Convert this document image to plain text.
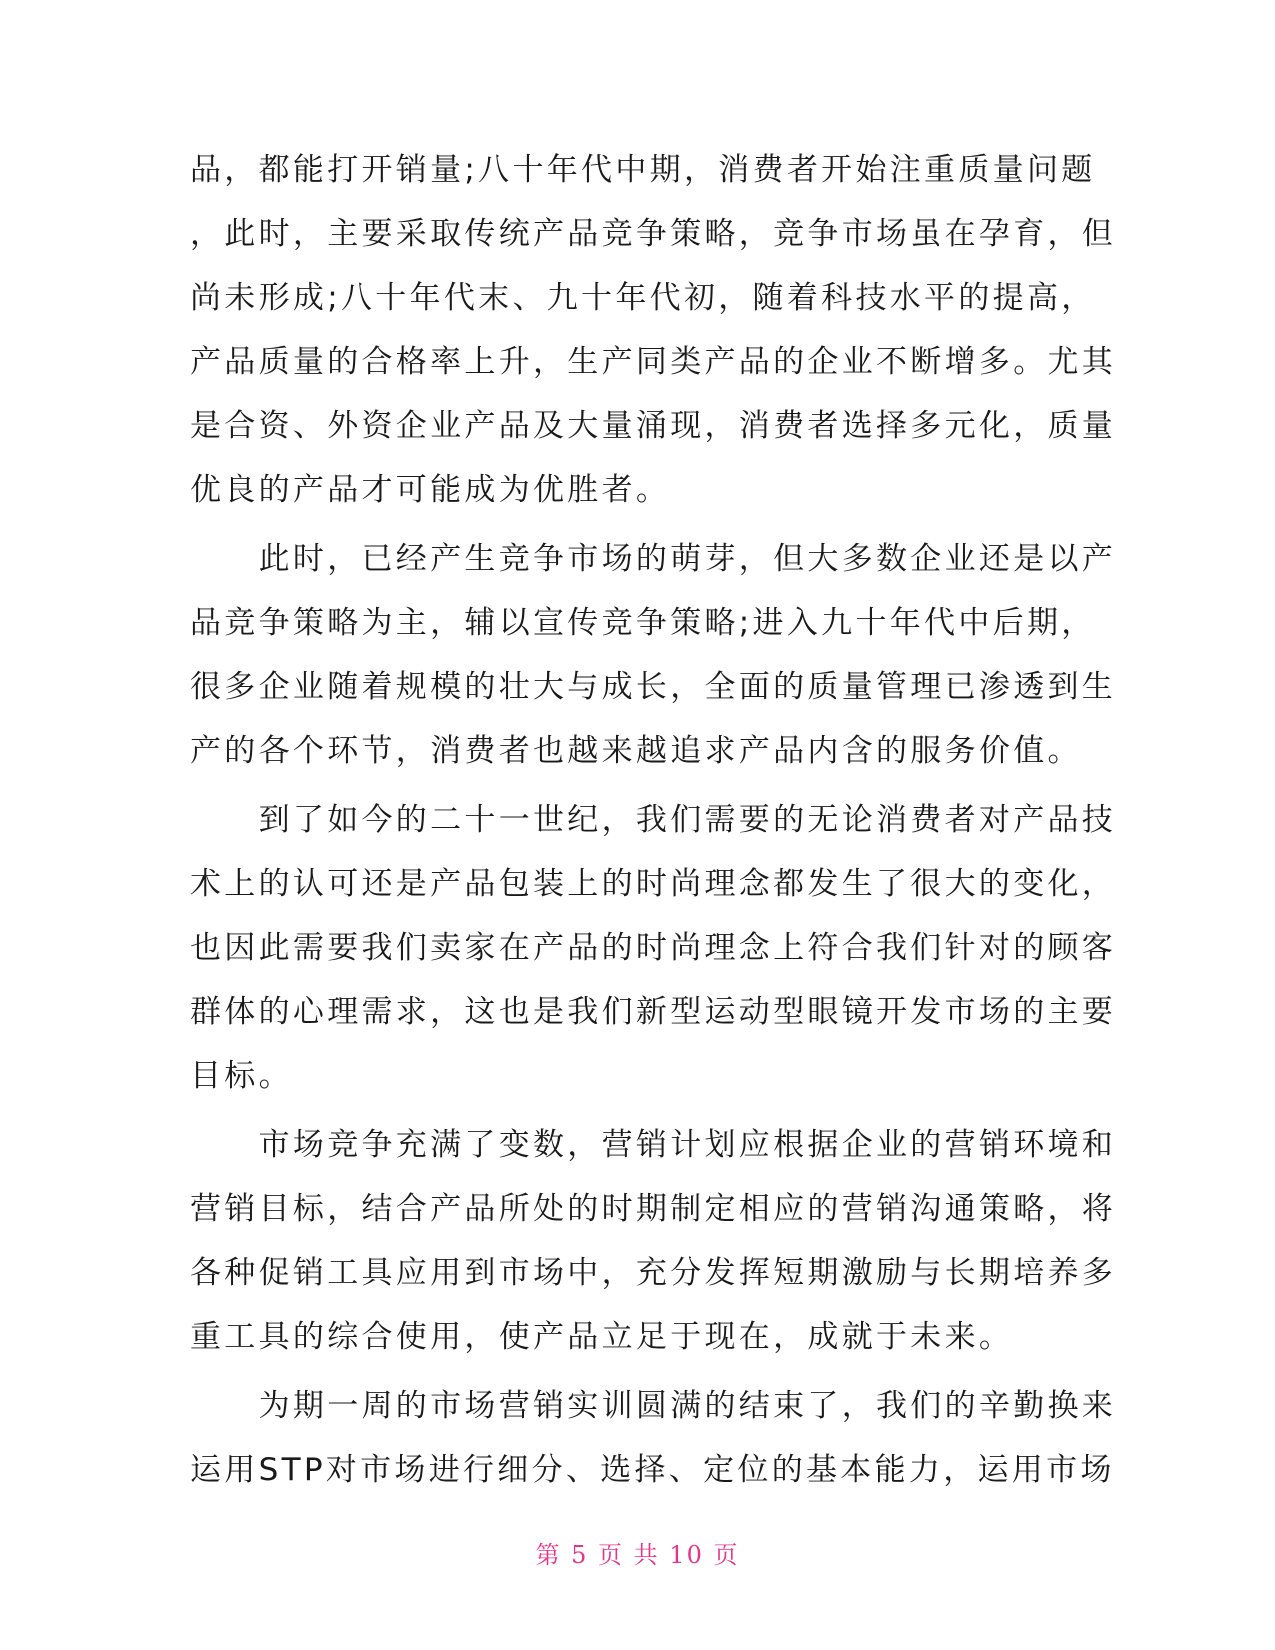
品，都能打开销量;八十年代中期，消费者开始注重质量问题
，此时，主要采取传统产品竞争策略，竞争市场虽在孕育，但
尚未形成;八十年代末、九十年代初，随着科技水平的提高，
产品质量的合格率上升，生产同类产品的企业不断增多。尤其
是合资、外资企业产品及大量涌现，消费者选择多元化，质量
优良的产品才可能成为优胜者。
　　此时，已经产生竞争市场的萌芽，但大多数企业还是以产
品竞争策略为主，辅以宣传竞争策略;进入九十年代中后期，
很多企业随着规模的壮大与成长，全面的质量管理已渗透到生
产的各个环节，消费者也越来越追求产品内含的服务价值。
　　到了如今的二十一世纪，我们需要的无论消费者对产品技
术上的认可还是产品包装上的时尚理念都发生了很大的变化，
也因此需要我们卖家在产品的时尚理念上符合我们针对的顾客
群体的心理需求，这也是我们新型运动型眼镜开发市场的主要
目标。
　　市场竞争充满了变数，营销计划应根据企业的营销环境和
营销目标，结合产品所处的时期制定相应的营销沟通策略，将
各种促销工具应用到市场中，充分发挥短期激励与长期培养多
重工具的综合使用，使产品立足于现在，成就于未来。
　　为期一周的市场营销实训圆满的结束了，我们的辛勤换来
运用STP对市场进行细分、选择、定位的基本能力，运用市场
第 5 页 共 10 页
